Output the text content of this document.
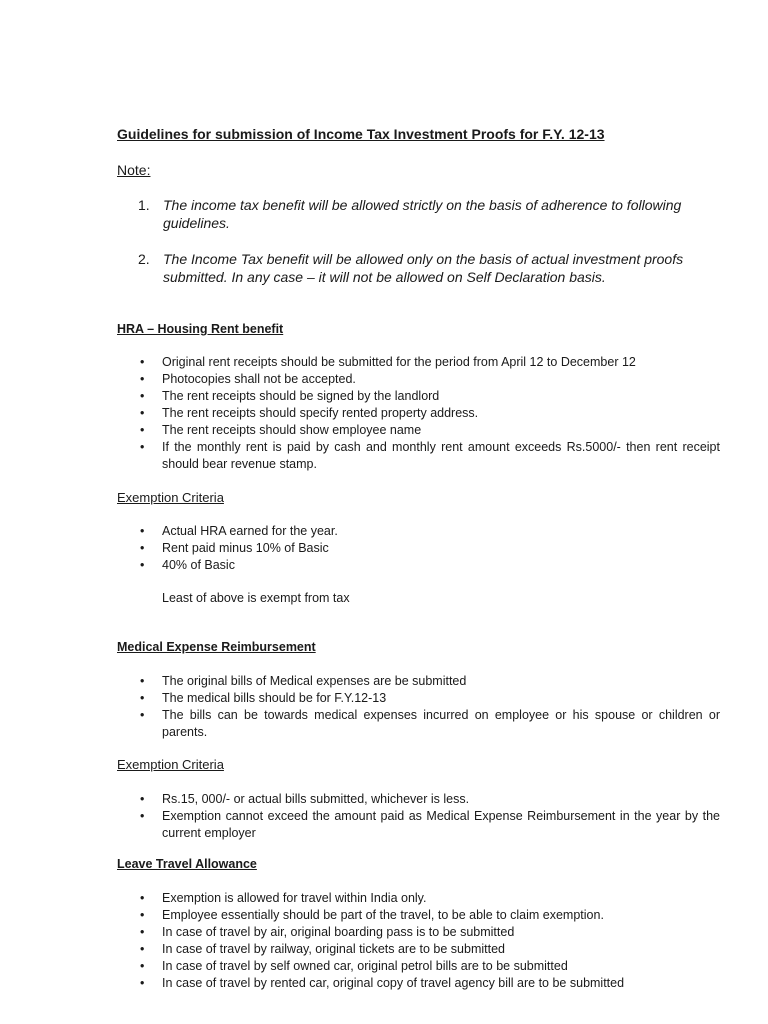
Guidelines for submission of Income Tax Investment Proofs for F.Y. 12-13
Note:
1. The income tax benefit will be allowed strictly on the basis of adherence to following guidelines.
2. The Income Tax benefit will be allowed only on the basis of actual investment proofs submitted. In any case – it will not be allowed on Self Declaration basis.
HRA – Housing Rent benefit
• Original rent receipts should be submitted for the period from April 12 to December 12
• Photocopies shall not be accepted.
• The rent receipts should be signed by the landlord
• The rent receipts should specify rented property address.
• The rent receipts should show employee name
• If the monthly rent is paid by cash and monthly rent amount exceeds Rs.5000/- then rent receipt should bear revenue stamp.
Exemption Criteria
• Actual HRA earned for the year.
• Rent paid minus 10% of Basic
• 40% of Basic
Least of above is exempt from tax
Medical Expense Reimbursement
• The original bills of Medical expenses are be submitted
• The medical bills should be for F.Y.12-13
• The bills can be towards medical expenses incurred on employee or his spouse or children or parents.
Exemption Criteria
• Rs.15, 000/- or actual bills submitted, whichever is less.
• Exemption cannot exceed the amount paid as Medical Expense Reimbursement in the year by the current employer
Leave Travel Allowance
• Exemption is allowed for travel within India only.
• Employee essentially should be part of the travel, to be able to claim exemption.
• In case of travel by air, original boarding pass is to be submitted
• In case of travel by railway, original tickets are to be submitted
• In case of travel by self owned car, original petrol bills are to be submitted
• In case of travel by rented car, original copy of travel agency bill are to be submitted
